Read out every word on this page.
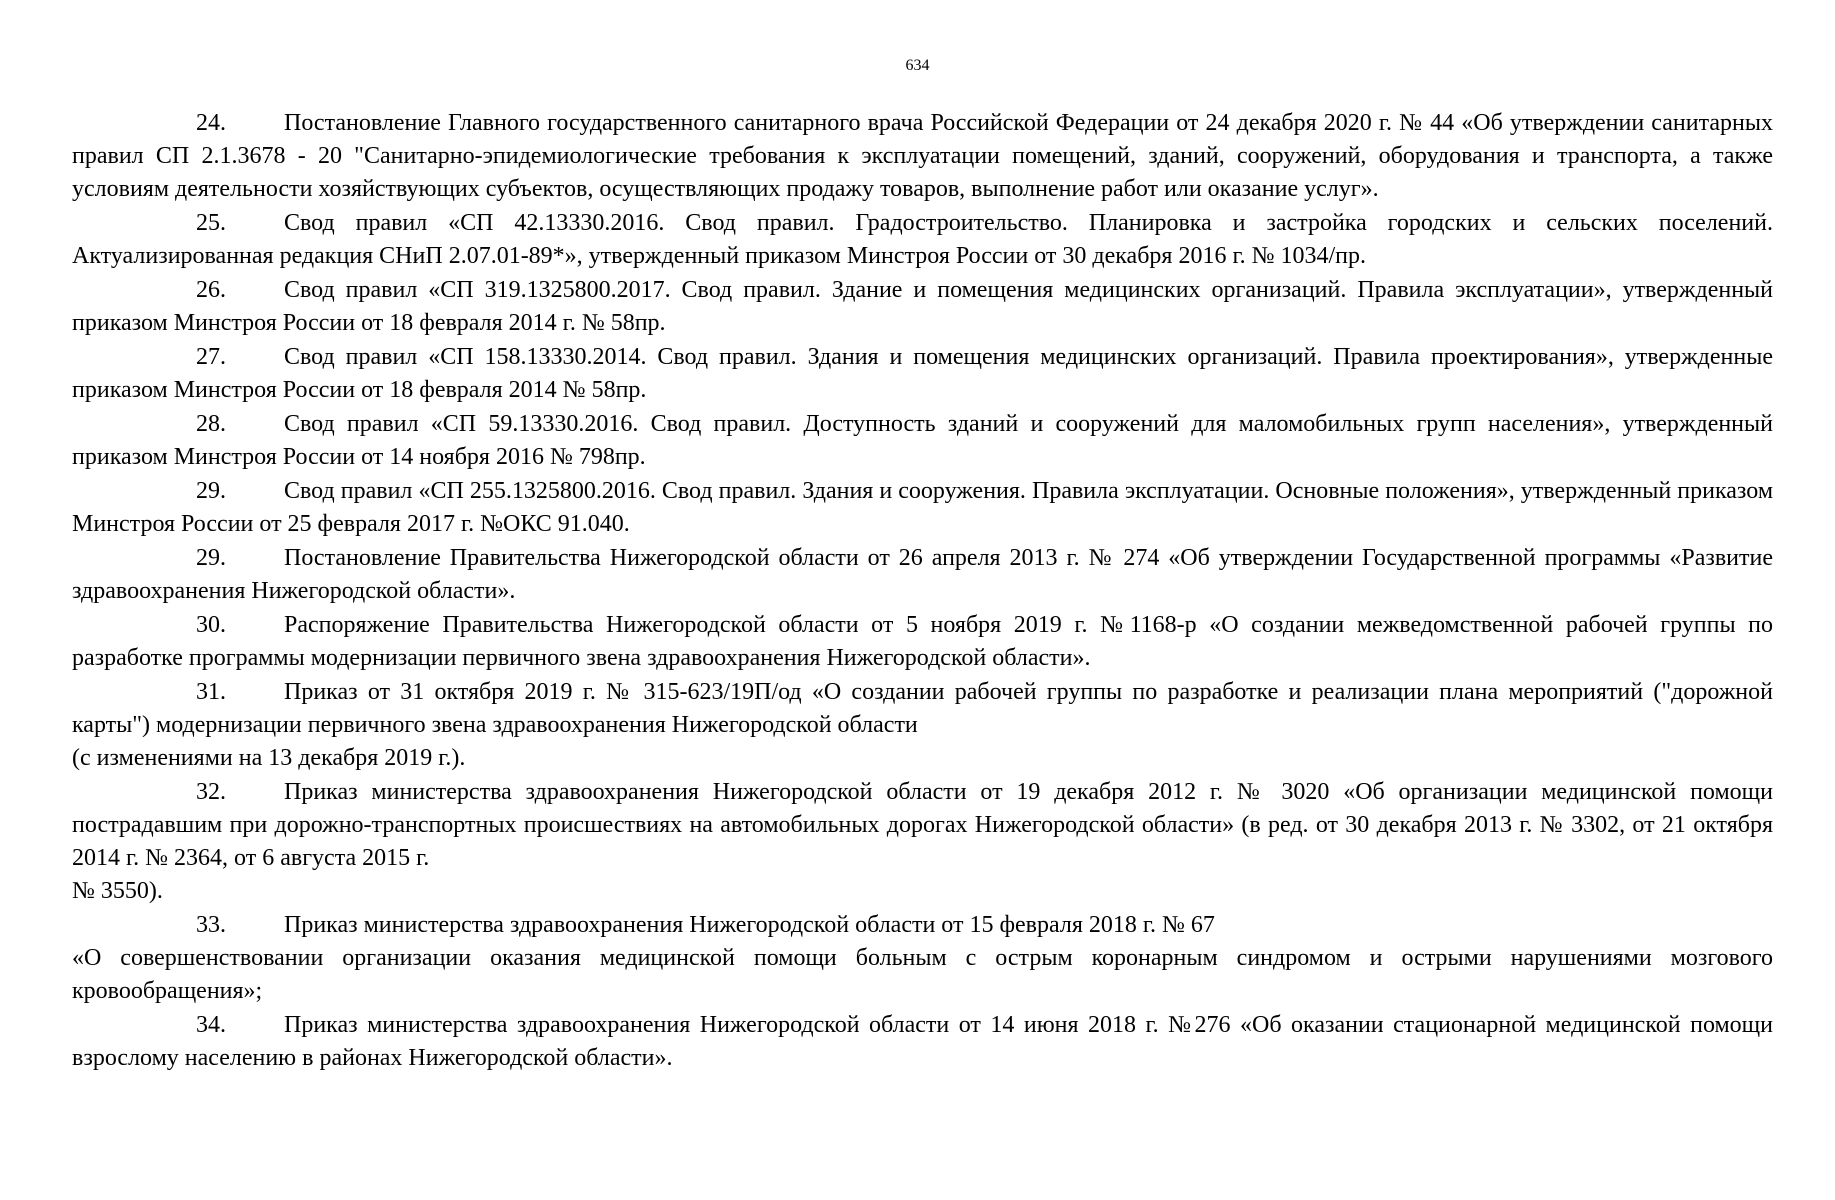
634

24. Постановление Главного государственного санитарного врача Российской Федерации от 24 декабря 2020 г. № 44 «Об утверждении санитарных правил СП 2.1.3678 - 20 "Санитарно-эпидемиологические требования к эксплуатации помещений, зданий, сооружений, оборудования и транспорта, а также условиям деятельности хозяйствующих субъектов, осуществляющих продажу товаров, выполнение работ или оказание услуг».

25. Свод правил «СП 42.13330.2016. Свод правил. Градостроительство. Планировка и застройка городских и сельских поселений. Актуализированная редакция СНиП 2.07.01-89*», утвержденный приказом Минстроя России от 30 декабря 2016 г. № 1034/пр.

26. Свод правил «СП 319.1325800.2017. Свод правил. Здание и помещения медицинских организаций. Правила эксплуатации», утвержденный приказом Минстроя России от 18 февраля 2014 г. № 58пр.

27. Свод правил «СП 158.13330.2014. Свод правил. Здания и помещения медицинских организаций. Правила проектирования», утвержденные приказом Минстроя России от 18 февраля 2014 № 58пр.

28. Свод правил «СП 59.13330.2016. Свод правил. Доступность зданий и сооружений для маломобильных групп населения», утвержденный приказом Минстроя России от 14 ноября 2016 № 798пр.

29. Свод правил «СП 255.1325800.2016. Свод правил. Здания и сооружения. Правила эксплуатации. Основные положения», утвержденный приказом Минстроя России от 25 февраля 2017 г. №ОКС 91.040.

29. Постановление Правительства Нижегородской области от 26 апреля 2013 г. № 274 «Об утверждении Государственной программы «Развитие здравоохранения Нижегородской области».

30. Распоряжение Правительства Нижегородской области от 5 ноября 2019 г. №1168-р «О создании межведомственной рабочей группы по разработке программы модернизации первичного звена здравоохранения Нижегородской области».

31. Приказ от 31 октября 2019 г. № 315-623/19П/од «О создании рабочей группы по разработке и реализации плана мероприятий ("дорожной карты") модернизации первичного звена здравоохранения Нижегородской области
(с изменениями на 13 декабря 2019 г.).

32. Приказ министерства здравоохранения Нижегородской области от 19 декабря 2012 г. № 3020 «Об организации медицинской помощи пострадавшим при дорожно-транспортных происшествиях на автомобильных дорогах Нижегородской области» (в ред. от 30 декабря 2013 г. № 3302, от 21 октября 2014 г. № 2364, от 6 августа 2015 г.
№ 3550).

33. Приказ министерства здравоохранения Нижегородской области от 15 февраля 2018 г. № 67
«О совершенствовании организации оказания медицинской помощи больным с острым коронарным синдромом и острыми нарушениями мозгового кровообращения»;

34. Приказ министерства здравоохранения Нижегородской области от 14 июня 2018 г. №276 «Об оказании стационарной медицинской помощи взрослому населению в районах Нижегородской области».
